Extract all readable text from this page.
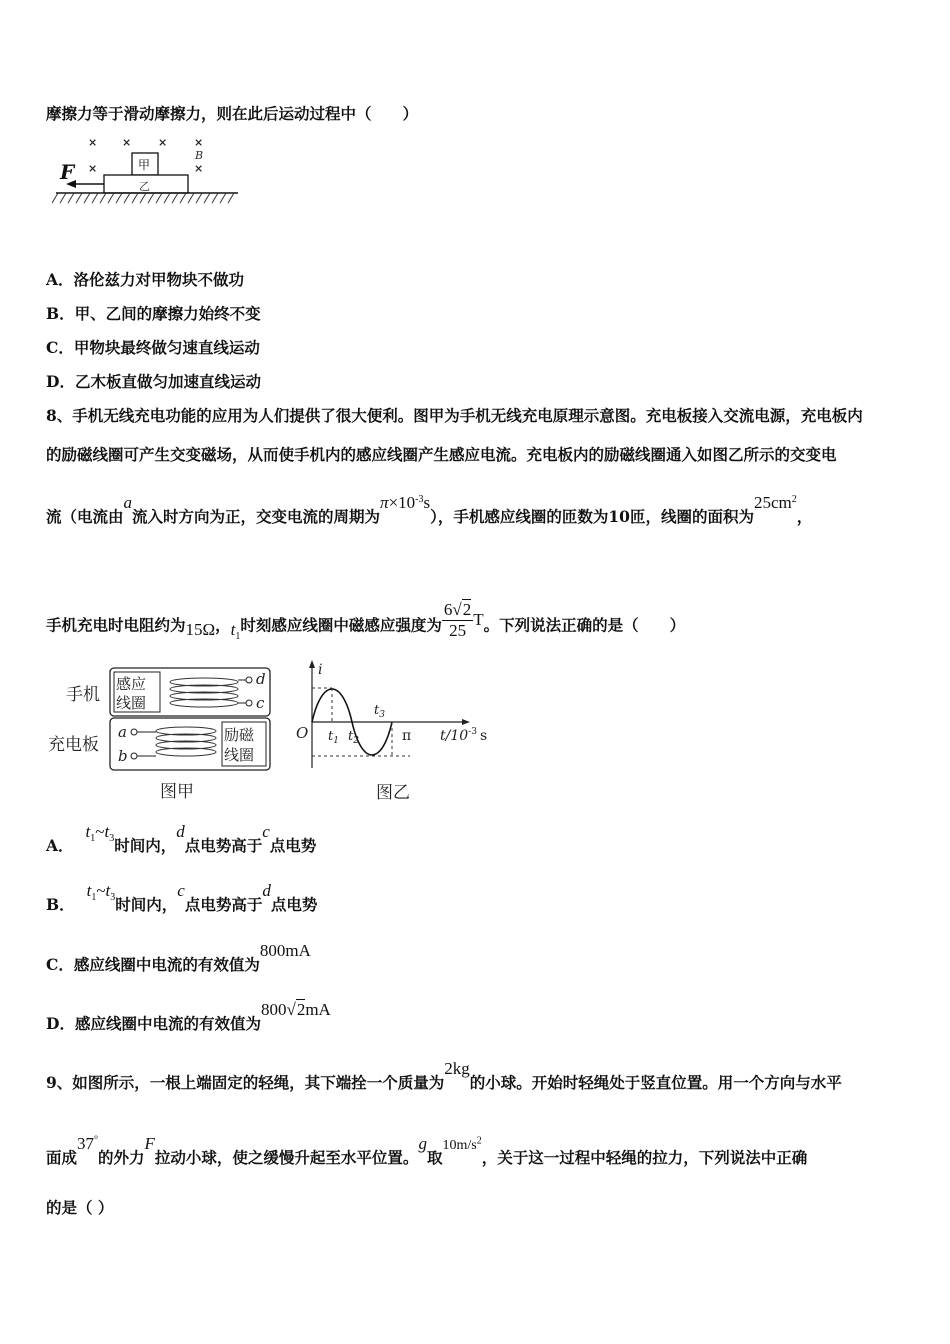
摩擦力等于滑动摩擦力，则在此后运动过程中（　　）
× × × ×
×	×
B
甲
乙
F
A．洛伦兹力对甲物块不做功
B．甲、乙间的摩擦力始终不变
C．甲物块最终做匀速直线运动
D．乙木板直做匀加速直线运动
8、手机无线充电功能的应用为人们提供了很大便利。图甲为手机无线充电原理示意图。充电板接入交流电源，充电板内
的励磁线圈可产生交变磁场，从而使手机内的感应线圈产生感应电流。充电板内的励磁线圈通入如图乙所示的交变电
流（电流由a流入时方向为正，交变电流的周期为$\pi\times 10^{-3}s$），手机感应线圈的匝数为10匝，线圈的面积为$25cm^2$，
手机充电时电阻约为15Ω，$t_1$时刻感应线圈中磁感应强度为 $\frac{6√2}{25}$ T。下列说法正确的是（　　）
手机
充电板
感应
线圈
d
c
a
b
励磁
线圈
图甲
i
O $t_1$ $t_2$
$t_3$
π $t/10^{-3}$ s
图乙
A．$t_1\sim t_3$时间内，d点电势高于c点电势
B．$t_1\sim t_3$时间内，c点电势高于d点电势
C．感应线圈中电流的有效值为800mA
D．感应线圈中电流的有效值为800√2mA
9、如图所示，一根上端固定的轻绳，其下端拴一个质量为2kg的小球。开始时轻绳处于竖直位置。用一个方向与水平
面成37°的外力F拉动小球，使之缓慢升起至水平位置。g取$10m/s^2$，关于这一过程中轻绳的拉力，下列说法中正确
的是（ ）
